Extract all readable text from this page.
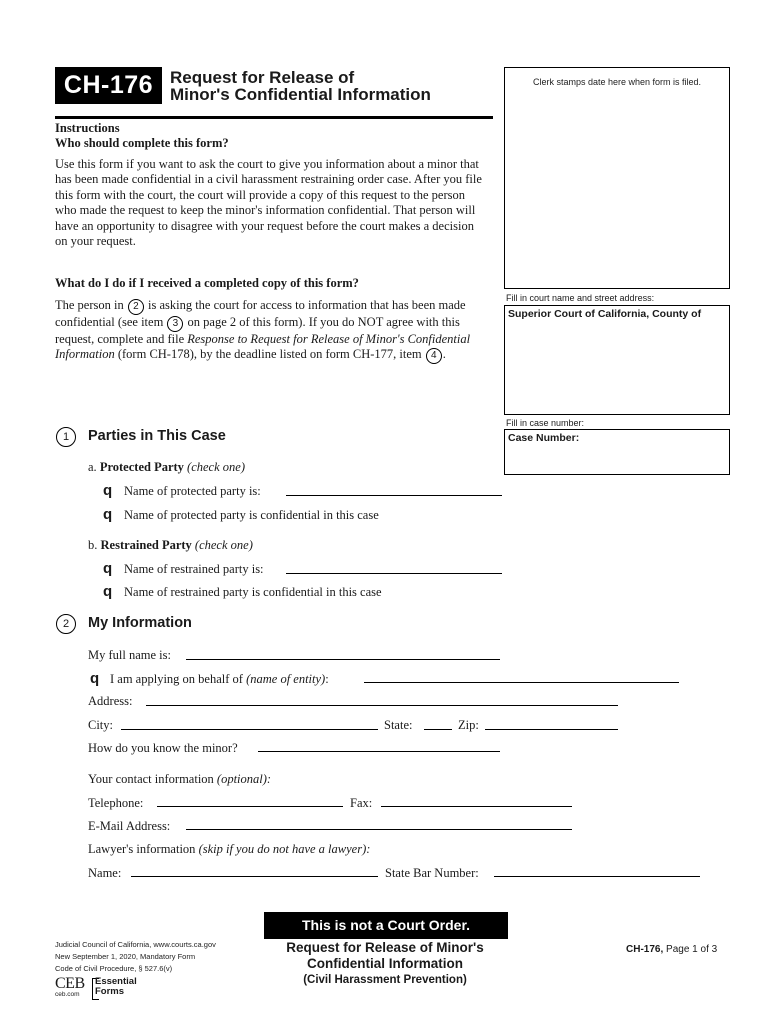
CH-176 Request for Release of
Minor's Confidential Information
Clerk stamps date here when form is filed.
Fill in court name and street address:
Superior Court of California, County of
Fill in case number:
Case Number:
Instructions
Who should complete this form?
Use this form if you want to ask the court to give you information about a minor that has been made confidential in a civil harassment restraining order case. After you file this form with the court, the court will provide a copy of this request to the person who made the request to keep the minor's information confidential. That person will have an opportunity to disagree with your request before the court makes a decision on your request.
What do I do if I received a completed copy of this form?
The person in 2 is asking the court for access to information that has been made confidential (see item 3 on page 2 of this form). If you do NOT agree with this request, complete and file Response to Request for Release of Minor's Confidential Information (form CH-178), by the deadline listed on form CH-177, item 4 .
1	Parties in This Case
a. Protected Party (check one)
q Name of protected party is:
q Name of protected party is confidential in this case
b. Restrained Party (check one)
q Name of restrained party is:
q Name of restrained party is confidential in this case
2	My Information
My full name is:
q I am applying on behalf of (name of entity):
Address:
City:	State:	Zip:
How do you know the minor?
Your contact information (optional):
Telephone:	Fax:
E-Mail Address:
Lawyer's information (skip if you do not have a lawyer):
Name:	State Bar Number:
This is not a Court Order.
Judicial Council of California, www.courts.ca.gov
New September 1, 2020, Mandatory Form
Code of Civil Procedure, § 527.6(v)
CEB
ceb.com
Essential
Forms
Request for Release of Minor's
Confidential Information
(Civil Harassment Prevention)
CH-176, Page 1 of 3
